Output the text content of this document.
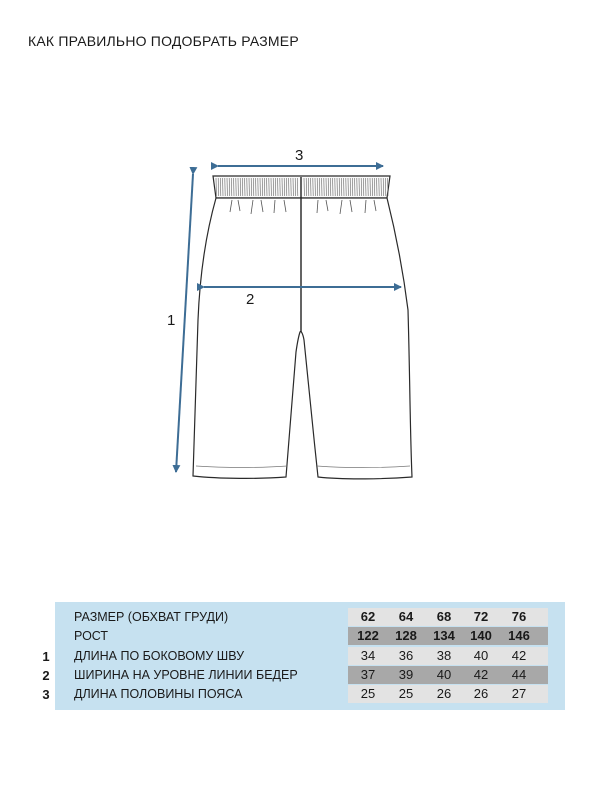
КАК ПРАВИЛЬНО ПОДОБРАТЬ РАЗМЕР
3
2
1
1
2
3
РАЗМЕР (ОБХВАТ ГРУДИ)	62	64	68	72	76
РОСТ	122	128	134	140	146
ДЛИНА ПО БОКОВОМУ ШВУ	34	36	38	40	42
ШИРИНА НА УРОВНЕ ЛИНИИ БЕДЕР	37	39	40	42	44
ДЛИНА ПОЛОВИНЫ ПОЯСА	25	25	26	26	27
